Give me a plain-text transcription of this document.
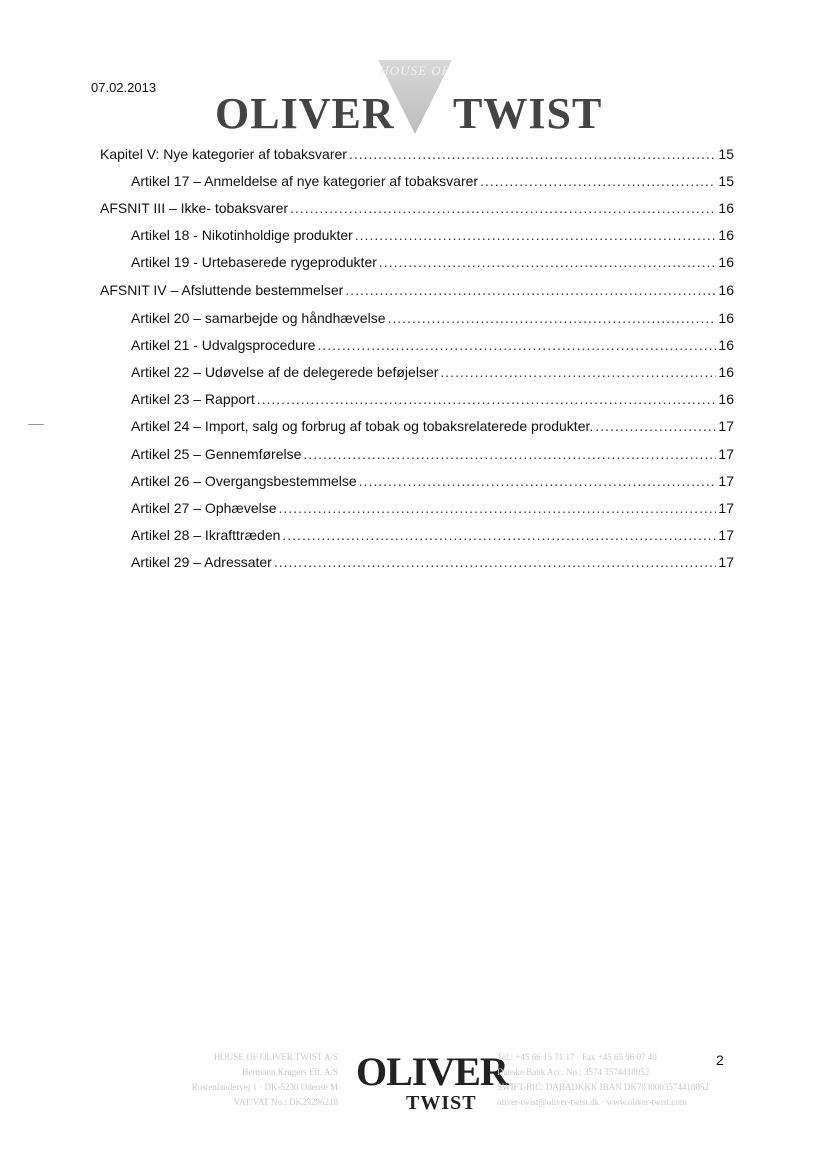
07.02.2013
HOUSE OF
OLIVER TWIST
Kapitel V: Nye kategorier af tobaksvarer .....	15
Artikel 17 – Anmeldelse af nye kategorier af tobaksvarer .....	15
AFSNIT III – Ikke- tobaksvarer .....	16
Artikel 18 - Nikotinholdige produkter .....	16
Artikel 19 - Urtebaserede rygeprodukter .....	16
AFSNIT IV – Afsluttende bestemmelser .....	16
Artikel 20 – samarbejde og håndhævelse .....	16
Artikel 21 - Udvalgsprocedure .....	16
Artikel 22 – Udøvelse af de delegerede beføjelser .....	16
Artikel 23 – Rapport .....	16
Artikel 24 – Import, salg og forbrug af tobak og tobaksrelaterede produkter. .....	17
Artikel 25 – Gennemførelse .....	17
Artikel 26 – Overgangsbestemmelse .....	17
Artikel 27 – Ophævelse .....	17
Artikel 28 – Ikrafttræden .....	17
Artikel 29 – Adressater .....	17
HOUSE OF OLIVER TWIST A/S
Hermann Krugers Eft. A/S
Rostenlanderyej 1 · DK-5230 Odense M
VAT/VAT No.: DK29296218
OLIVER
TWIST
Tel.: +45 66 15 71 17 · Fax +45 65 96 07 40
Danske Bank Acc. No.: 3574 3574418052
SWIFT-BIC: DABADKKK IBAN DK7030003574418052
oliver-twist@oliver-twist.dk · www.oliver-twist.com
2
